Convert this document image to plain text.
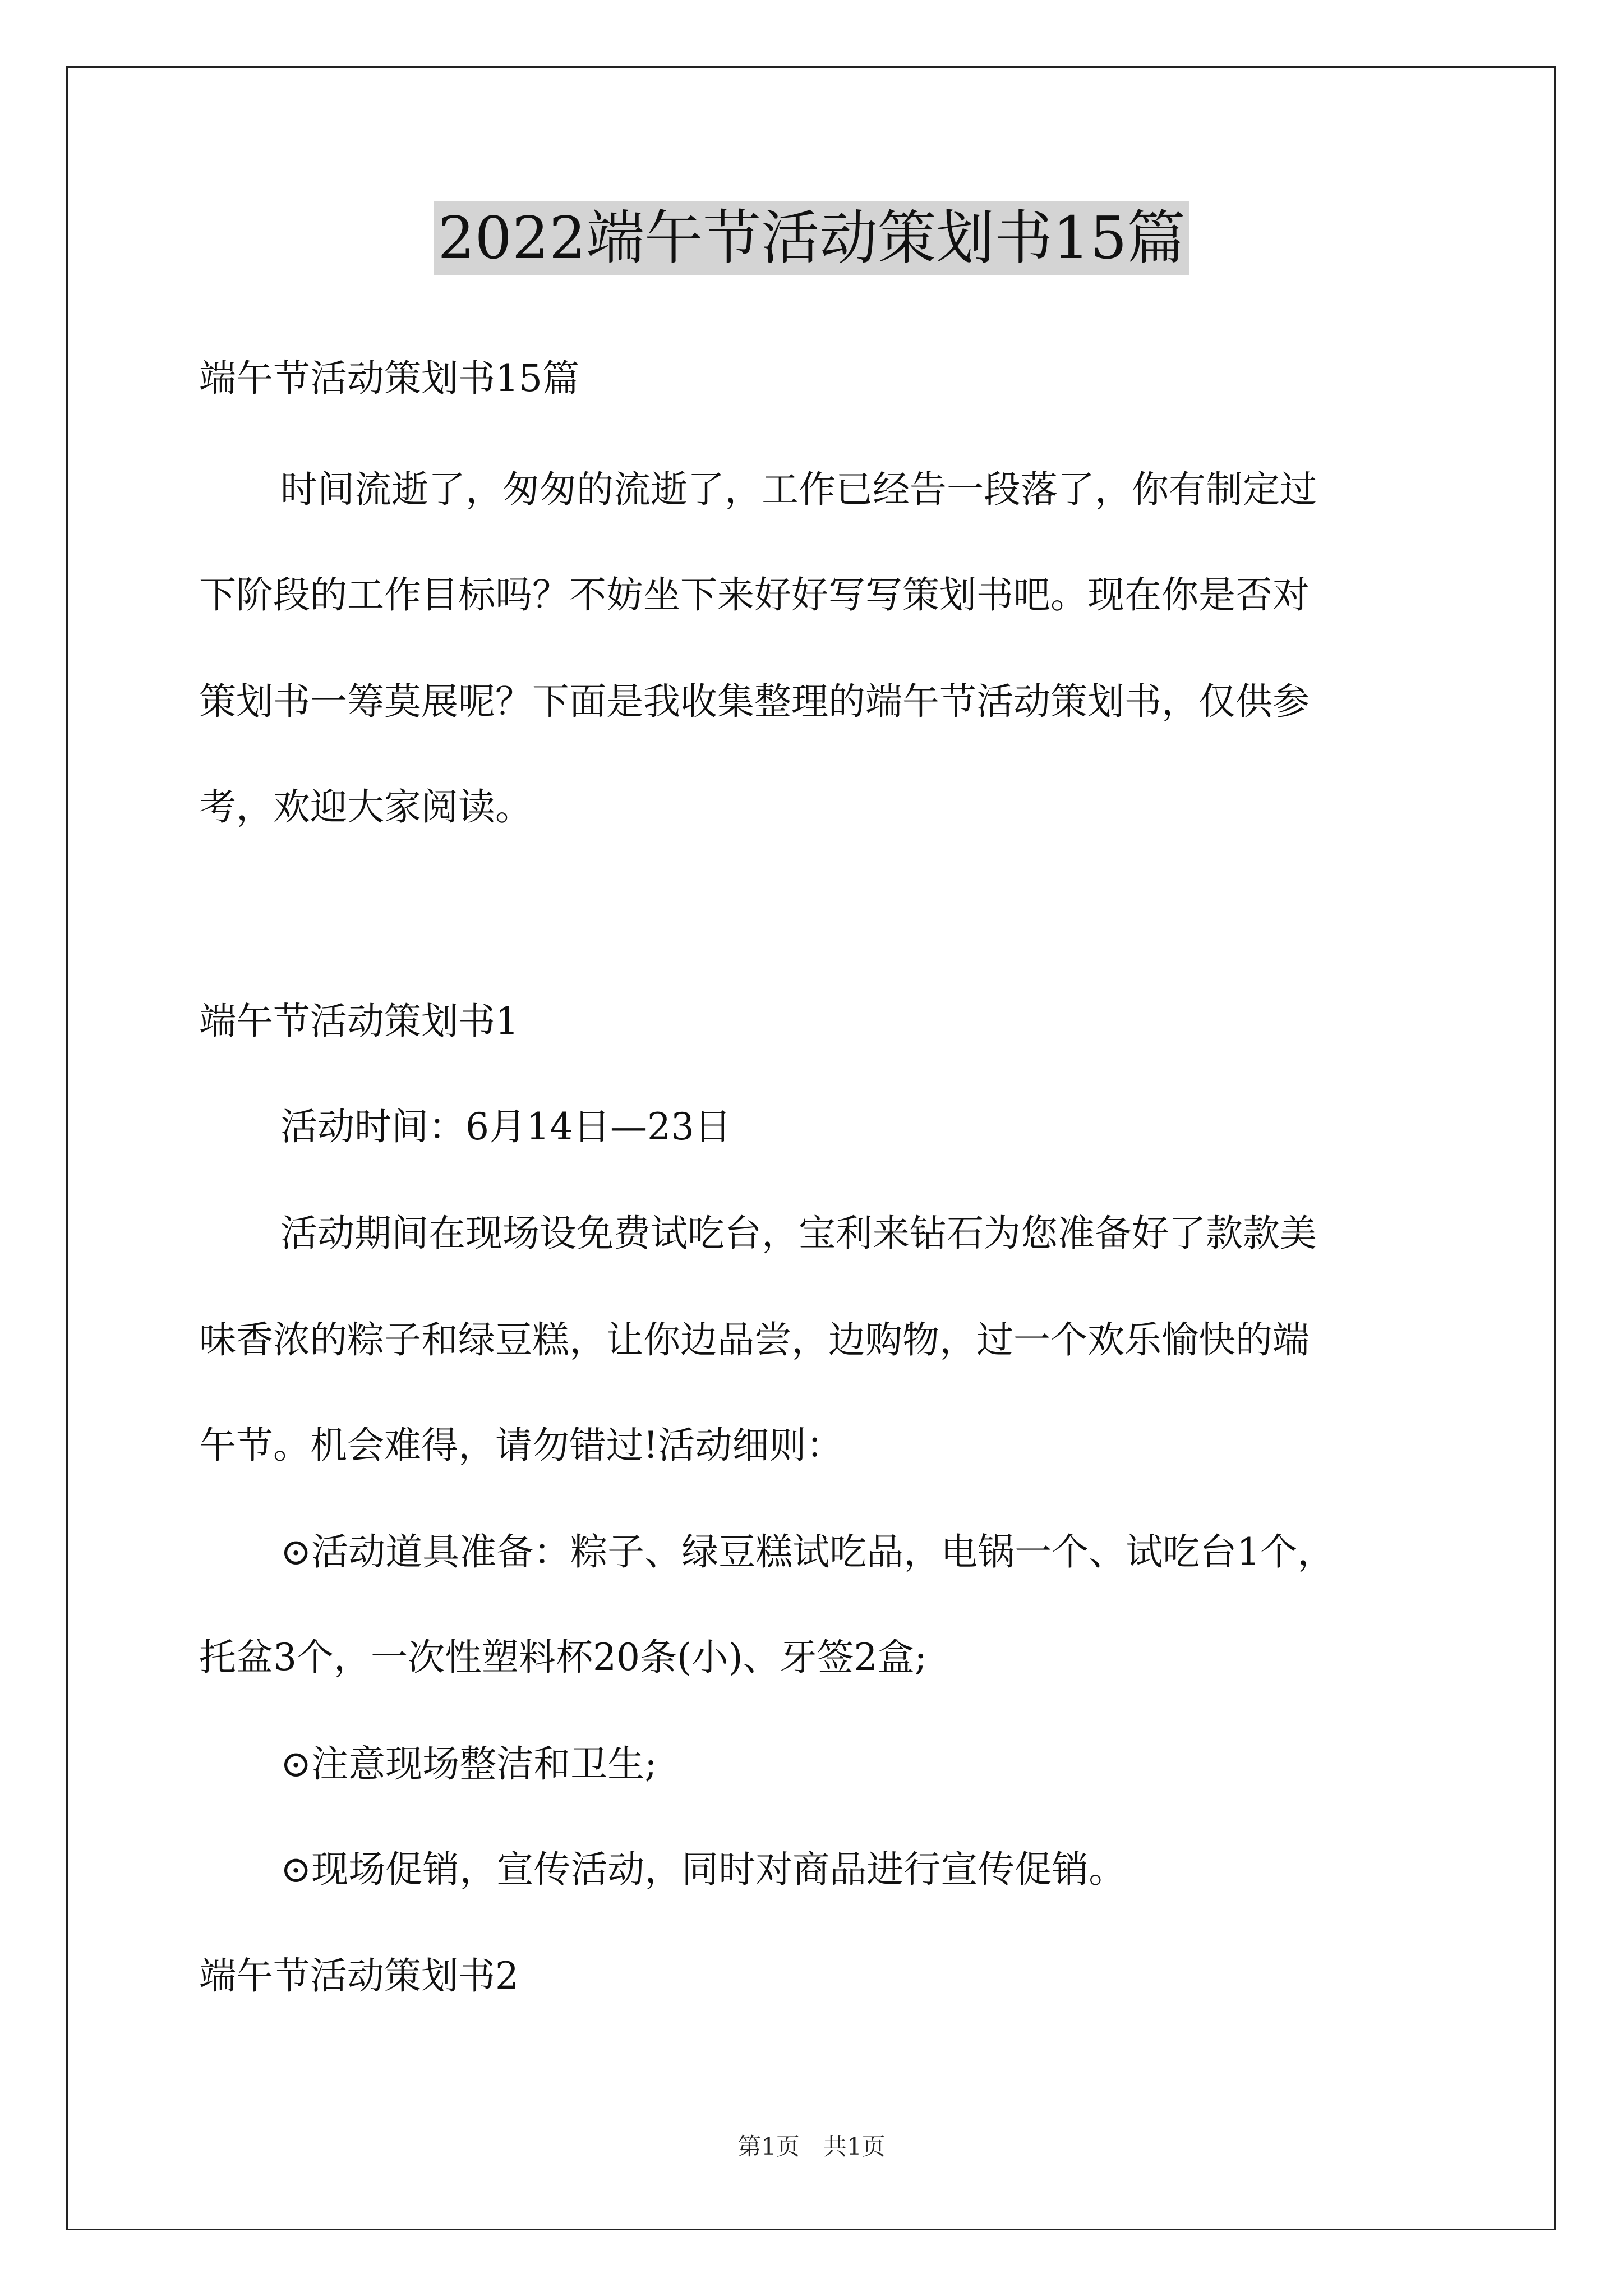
2022端午节活动策划书15篇
端午节活动策划书15篇
时间流逝了，匆匆的流逝了，工作已经告一段落了，你有制定过
下阶段的工作目标吗？不妨坐下来好好写写策划书吧。现在你是否对
策划书一筹莫展呢？下面是我收集整理的端午节活动策划书，仅供参
考，欢迎大家阅读。
端午节活动策划书1
活动时间：6月14日—23日
活动期间在现场设免费试吃台，宝利来钻石为您准备好了款款美
味香浓的粽子和绿豆糕，让你边品尝，边购物，过一个欢乐愉快的端
午节。机会难得，请勿错过!活动细则：
⊙活动道具准备：粽子、绿豆糕试吃品，电锅一个、试吃台1个，
托盆3个，一次性塑料杯20条(小)、牙签2盒;
⊙注意现场整洁和卫生;
⊙现场促销，宣传活动，同时对商品进行宣传促销。
端午节活动策划书2
第1页　共1页
